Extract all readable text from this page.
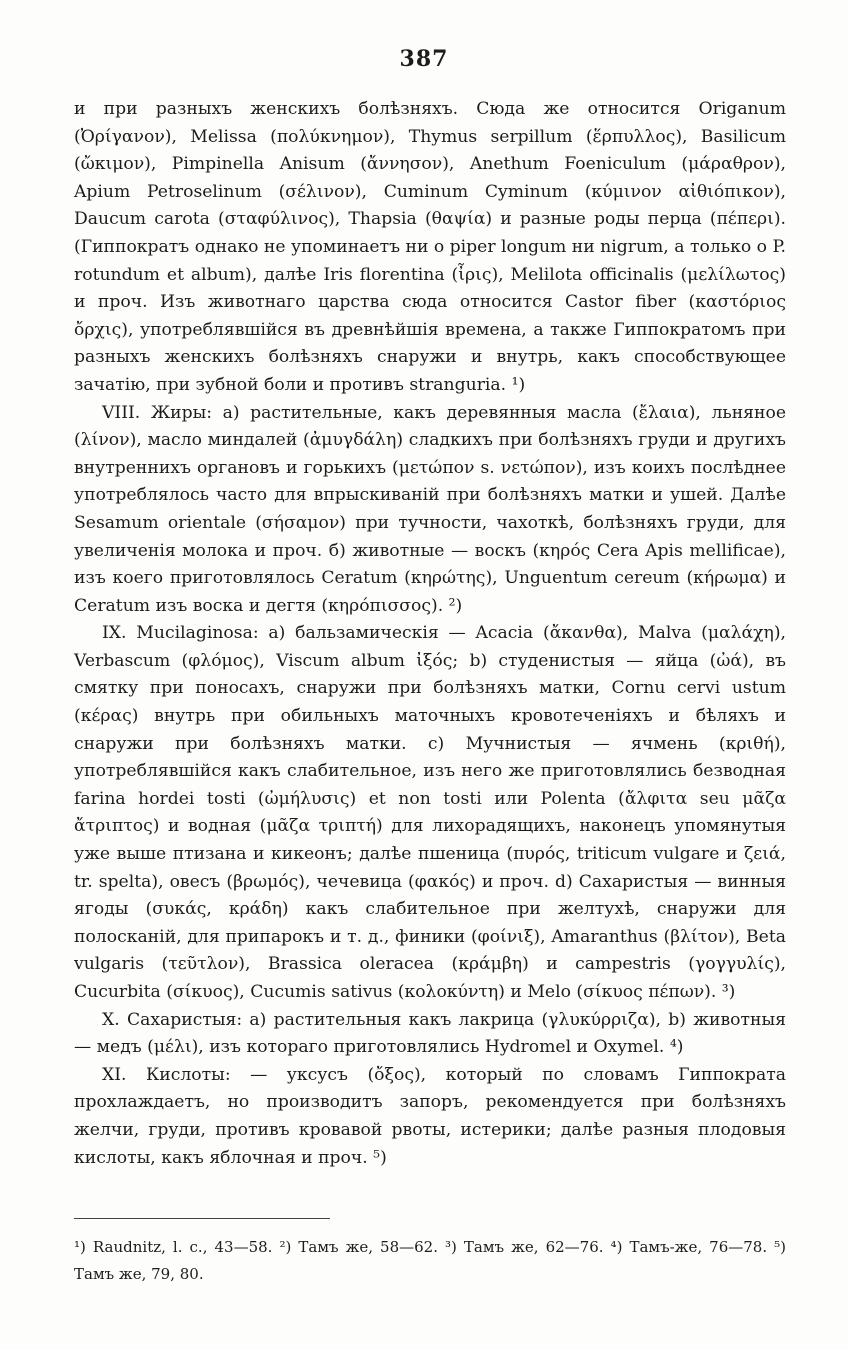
387

и при разныхъ женскихъ болѣзняхъ. Сюда же относится Origanum (Ὀρίγανον), Melissa (πολύκνημον), Thymus serpillum (ἕρπυλλος), Basilicum (ὤκιμον), Pimpinella Anisum (ἄννησον), Anethum Foeniculum (μάραθρον), Apium Petroselinum (σέλινον), Cuminum Cyminum (κύμινον αἰθιόπικον), Daucum carota (σταφύλινος), Thapsia (θαψία) и разные роды перца (πέπερι). (Гиппократъ однако не упоминаетъ ни о piper longum ни nigrum, а только о P. rotundum et album), далѣе Iris florentina (ἶρις), Melilota officinalis (μελίλωτος) и проч. Изъ животнаго царства сюда относится Castor fiber (καστόριος ὄρχις), употреблявшійся въ древнѣйшія времена, а также Гиппократомъ при разныхъ женскихъ болѣзняхъ снаружи и внутрь, какъ способствующее зачатію, при зубной боли и противъ stranguria. ¹)

VIII. Жиры: а) растительные, какъ деревянныя масла (ἔλαια), льняное (λίνον), масло миндалей (ἀμυγδάλη) сладкихъ при болѣзняхъ груди и другихъ внутреннихъ органовъ и горькихъ (μετώπον s. νετώπον), изъ коихъ послѣднее употреблялось часто для впрыскиваній при болѣзняхъ матки и ушей. Далѣе Sesamum orientale (σήσαμον) при тучности, чахоткѣ, болѣзняхъ груди, для увеличенія молока и проч. б) животные — воскъ (κηρός Cera Apis mellificae), изъ коего приготовлялось Ceratum (κηρώτης), Unguentum cereum (κήρωμα) и Ceratum изъ воска и дегтя (κηρόπισσος). ²)

IX. Mucilaginosa: а) бальзамическія — Acacia (ἄκανθα), Malva (μαλάχη), Verbascum (φλόμος), Viscum album ἰξός; b) студенистыя — яйца (ὠά), въ смятку при поносахъ, снаружи при болѣзняхъ матки, Cornu cervi ustum (κέρας) внутрь при обильныхъ маточныхъ кровотеченіяхъ и бѣляхъ и снаружи при болѣзняхъ матки. c) Мучнистыя — ячмень (κριθή), употреблявшійся какъ слабительное, изъ него же приготовлялись безводная farina hordei tosti (ὠμήλυσις) et non tosti или Polenta (ἄλφιτα seu μᾶζα ἄτριπτος) и водная (μᾶζα τριπτή) для лихорадящихъ, наконецъ упомянутыя уже выше птизана и кикеонъ; далѣе пшеница (πυρός, triticum vulgare и ζειά, tr. spelta), овесъ (βρωμός), чечевица (φακός) и проч. d) Сахаристыя — винныя ягоды (συκάς, κράδη) какъ слабительное при желтухѣ, снаружи для полосканій, для припарокъ и т. д., финики (φοίνιξ), Amaranthus (βλίτον), Beta vulgaris (τεῦτλον), Brassica oleracea (κράμβη) и campestris (γογγυλίς), Cucurbita (σίκυος), Cucumis sativus (κολοκύντη) и Melo (σίκυος πέπων). ³)

X. Сахаристыя: а) растительныя какъ лакрица (γλυκύρριζα), b) животныя — медъ (μέλι), изъ котораго приготовлялись Hydromel и Oxymel. ⁴)

XI. Кислоты: — уксусъ (ὄξος), который по словамъ Гиппократа прохлаждаетъ, но производитъ запоръ, рекомендуется при болѣзняхъ желчи, груди, противъ кровавой рвоты, истерики; далѣе разныя плодовыя кислоты, какъ яблочная и проч. ⁵)

¹) Raudnitz, l. c., 43—58. ²) Тамъ же, 58—62. ³) Тамъ же, 62—76. ⁴) Тамъ-же, 76—78. ⁵) Тамъ же, 79, 80.
